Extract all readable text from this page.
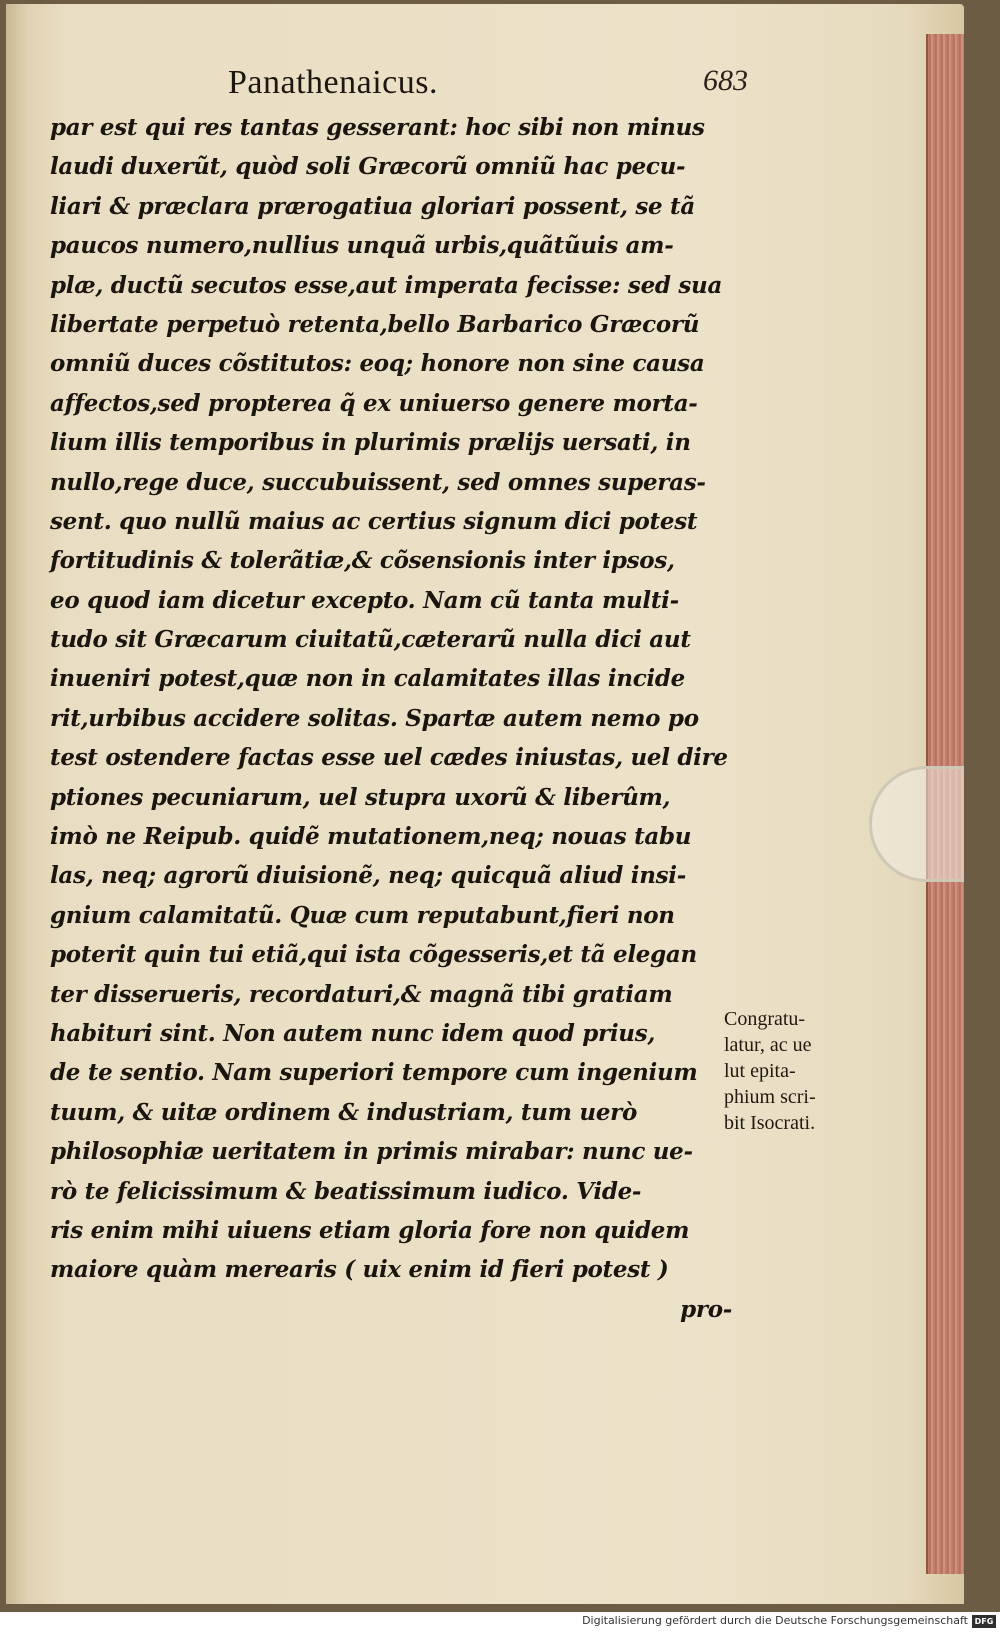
Panathenaicus.	683
par est qui res tantas gesserant: hoc sibi non minus
laudi duxerũt, quòd soli Græcorũ omniũ hac pecu-
liari & præclara prærogatiua gloriari possent, se tã
paucos numero,nullius unquã urbis,quãtũuis am-
plæ, ductũ secutos esse,aut imperata fecisse: sed sua
libertate perpetuò retenta,bello Barbarico Græcorũ
omniũ duces cõstitutos: eoq; honore non sine causa
affectos,sed propterea q̃ ex uniuerso genere morta-
lium illis temporibus in plurimis prælijs uersati, in
nullo,rege duce, succubuissent, sed omnes superas-
sent. quo nullũ maius ac certius signum dici potest
fortitudinis & tolerãtiæ,& cõsensionis inter ipsos,
eo quod iam dicetur excepto. Nam cũ tanta multi-
tudo sit Græcarum ciuitatũ,cæterarũ nulla dici aut
inueniri potest,quæ non in calamitates illas incide
rit,urbibus accidere solitas. Spartæ autem nemo po
test ostendere factas esse uel cædes iniustas, uel dire
ptiones pecuniarum, uel stupra uxorũ & liberûm,
imò ne Reipub. quidẽ mutationem,neq; nouas tabu
las, neq; agrorũ diuisionẽ, neq; quicquã aliud insi-
gnium calamitatũ. Quæ cum reputabunt,fieri non
poterit quin tui etiã,qui ista cõgesseris,et tã elegan
ter disserueris, recordaturi,& magnã tibi gratiam
habituri sint. Non autem nunc idem quod prius,
de te sentio. Nam superiori tempore cum ingenium
tuum, & uitæ ordinem & industriam, tum uerò
philosophiæ ueritatem in primis mirabar: nunc ue-
rò te felicissimum & beatissimum iudico. Vide-
ris enim mihi uiuens etiam gloria fore non quidem
maiore quàm merearis ( uix enim id fieri potest )
pro-
Congratu-
latur, ac ue
lut epita-
phium scri-
bit Isocrati.
Digitalisierung gefördert durch die Deutsche Forschungsgemeinschaft DFG
